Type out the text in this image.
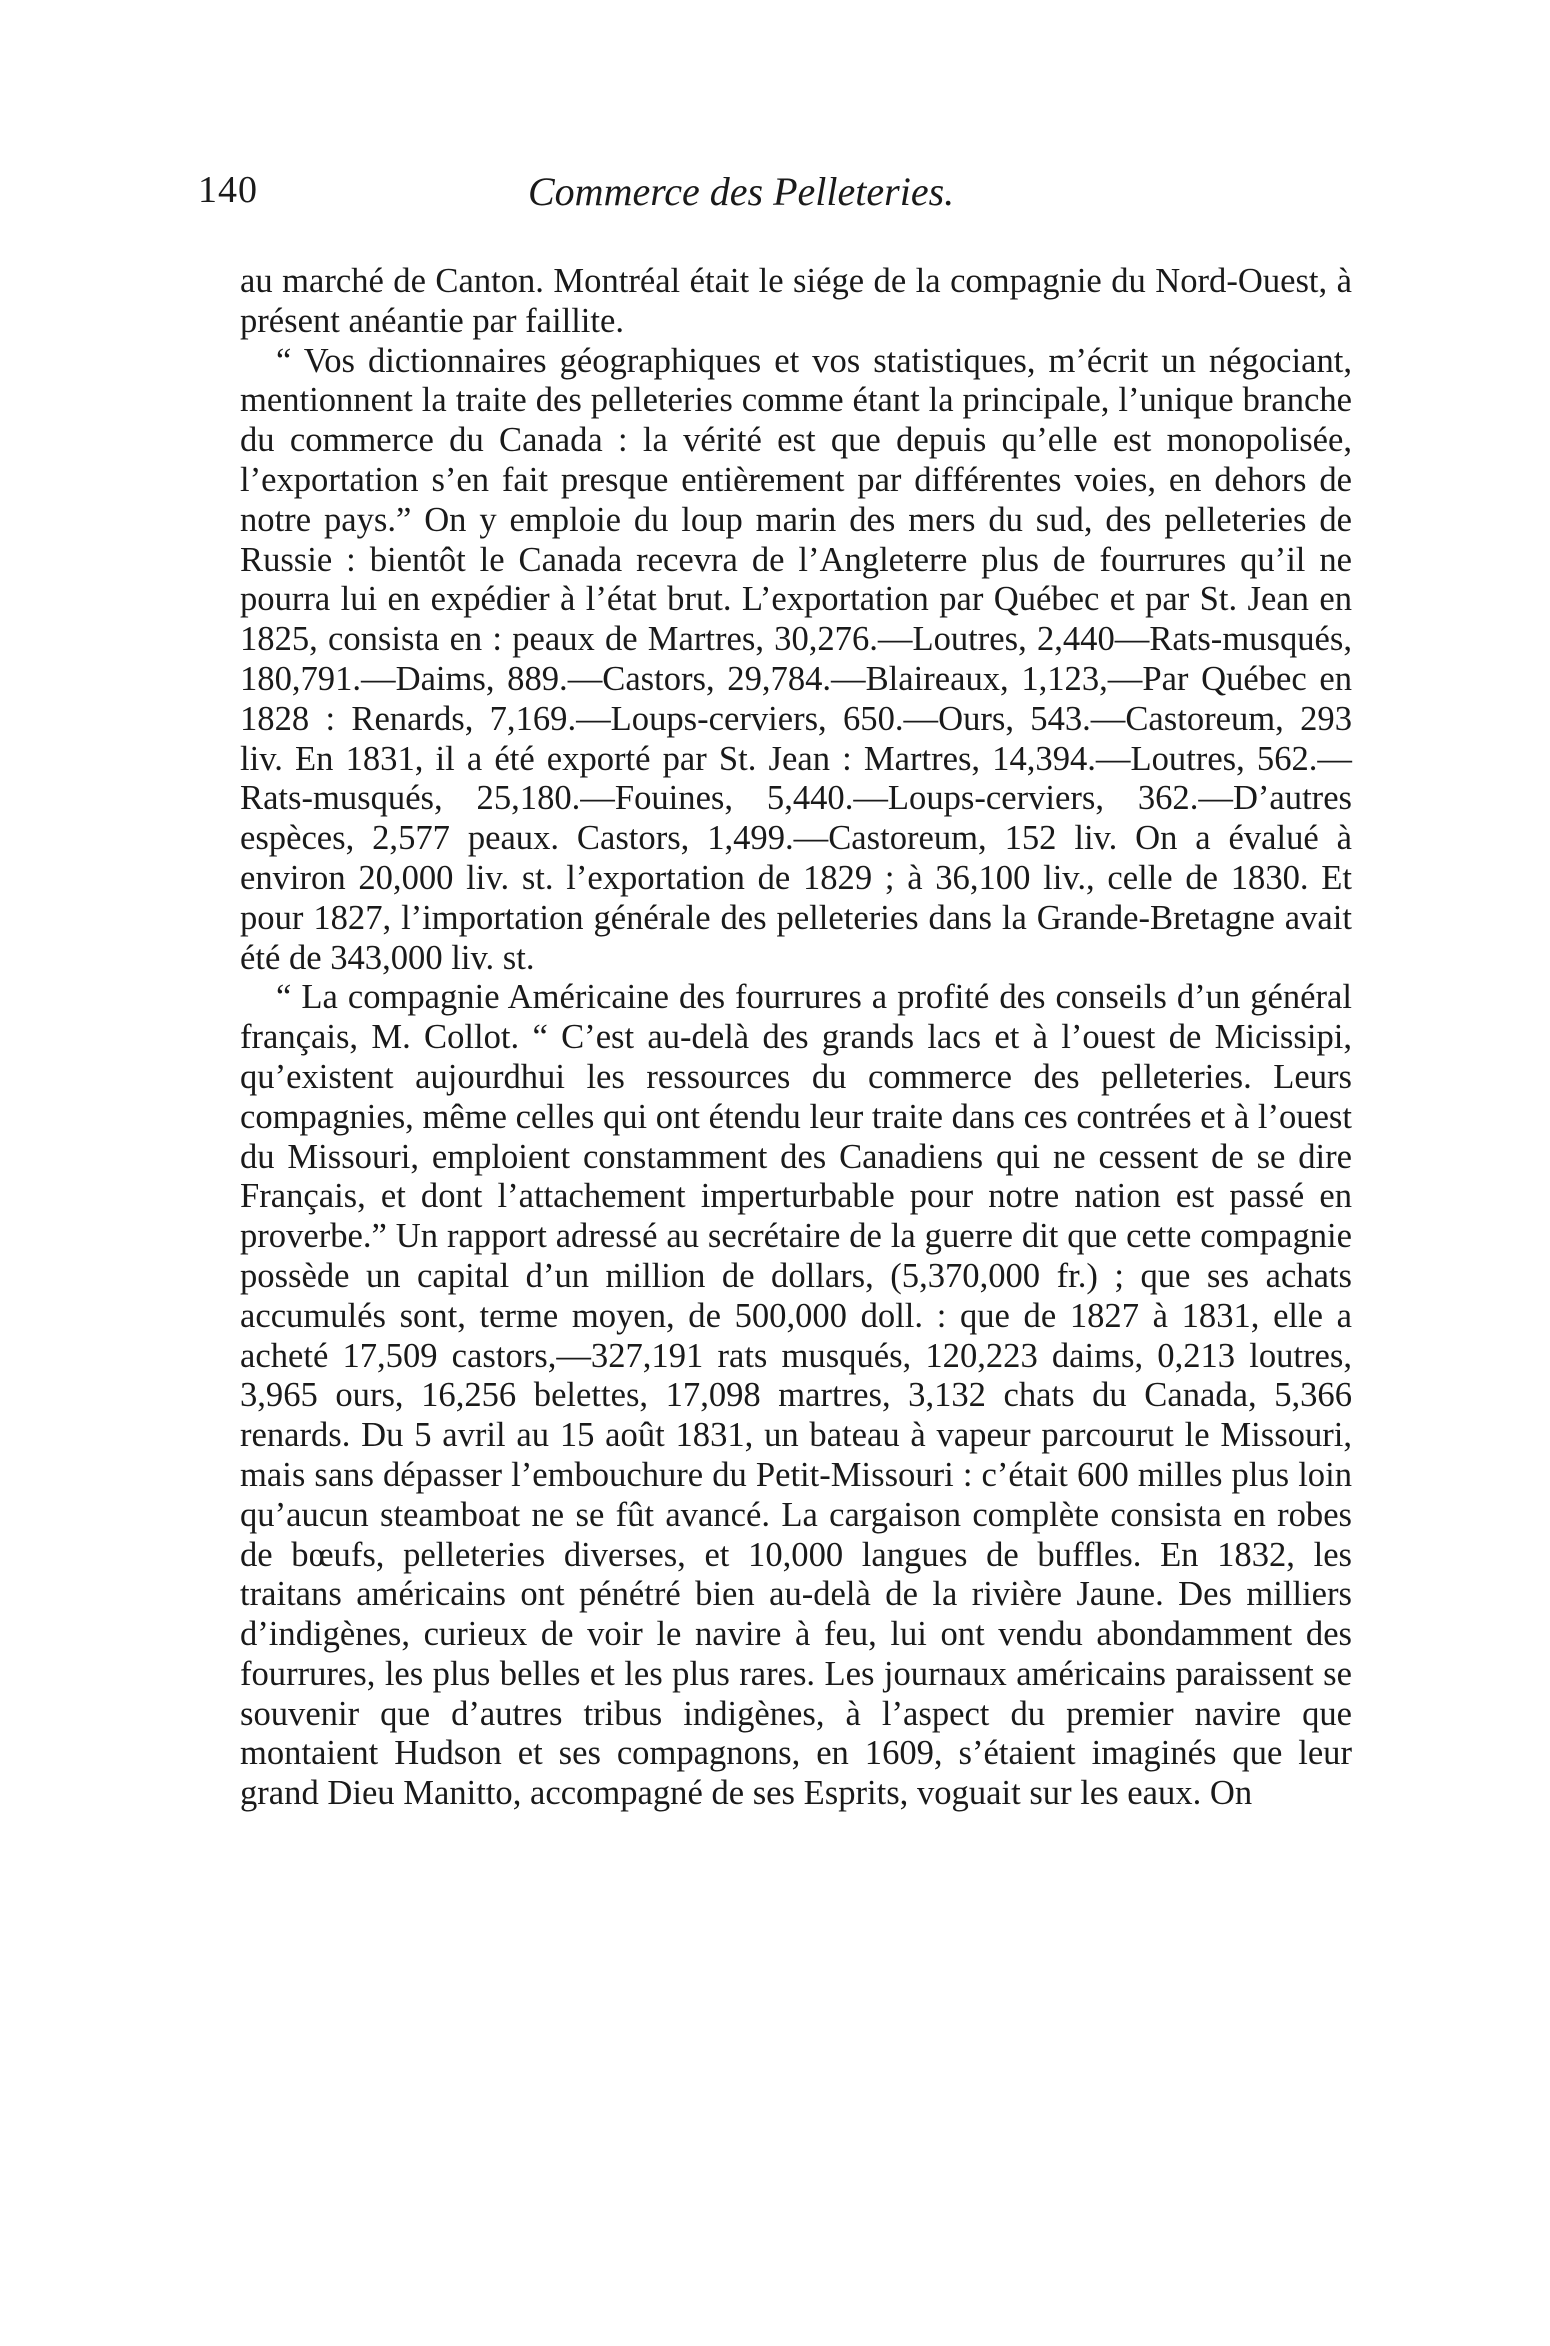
140	Commerce des Pelleteries.

au marché de Canton. Montréal était le siége de la compagnie du Nord-Ouest, à présent anéantie par faillite.

“ Vos dictionnaires géographiques et vos statistiques, m’écrit un négociant, mentionnent la traite des pelleteries comme étant la principale, l’unique branche du commerce du Canada : la vérité est que depuis qu’elle est monopolisée, l’exportation s’en fait presque entièrement par différentes voies, en dehors de notre pays.” On y emploie du loup marin des mers du sud, des pelleteries de Russie : bientôt le Canada recevra de l’Angleterre plus de fourrures qu’il ne pourra lui en expédier à l’état brut. L’exportation par Québec et par St. Jean en 1825, consista en : peaux de Martres, 30,276.—Loutres, 2,440—Rats-musqués, 180,791.—Daims, 889.—Castors, 29,784.—Blaireaux, 1,123,—Par Québec en 1828 : Renards, 7,169.—Loups-cerviers, 650.—Ours, 543.—Castoreum, 293 liv. En 1831, il a été exporté par St. Jean : Martres, 14,394.—Loutres, 562.—Rats-musqués, 25,180.—Fouines, 5,440.—Loups-cerviers, 362.—D’autres espèces, 2,577 peaux. Castors, 1,499.—Castoreum, 152 liv. On a évalué à environ 20,000 liv. st. l’exportation de 1829 ; à 36,100 liv., celle de 1830. Et pour 1827, l’importation générale des pelleteries dans la Grande-Bretagne avait été de 343,000 liv. st.

“ La compagnie Américaine des fourrures a profité des conseils d’un général français, M. Collot. “ C’est au-delà des grands lacs et à l’ouest de Micissipi, qu’existent aujourdhui les ressources du commerce des pelleteries. Leurs compagnies, même celles qui ont étendu leur traite dans ces contrées et à l’ouest du Missouri, emploient constamment des Canadiens qui ne cessent de se dire Français, et dont l’attachement imperturbable pour notre nation est passé en proverbe.” Un rapport adressé au secrétaire de la guerre dit que cette compagnie possède un capital d’un million de dollars, (5,370,000 fr.) ; que ses achats accumulés sont, terme moyen, de 500,000 doll. : que de 1827 à 1831, elle a acheté 17,509 castors,—327,191 rats musqués, 120,223 daims, 0,213 loutres, 3,965 ours, 16,256 belettes, 17,098 martres, 3,132 chats du Canada, 5,366 renards. Du 5 avril au 15 août 1831, un bateau à vapeur parcourut le Missouri, mais sans dépasser l’embouchure du Petit-Missouri : c’était 600 milles plus loin qu’aucun steamboat ne se fût avancé. La cargaison complète consista en robes de bœufs, pelleteries diverses, et 10,000 langues de buffles. En 1832, les traitans américains ont pénétré bien au-delà de la rivière Jaune. Des milliers d’indigènes, curieux de voir le navire à feu, lui ont vendu abondamment des fourrures, les plus belles et les plus rares. Les journaux américains paraissent se souvenir que d’autres tribus indigènes, à l’aspect du premier navire que montaient Hudson et ses compagnons, en 1609, s’étaient imaginés que leur grand Dieu Manitto, accompagné de ses Esprits, voguait sur les eaux. On
